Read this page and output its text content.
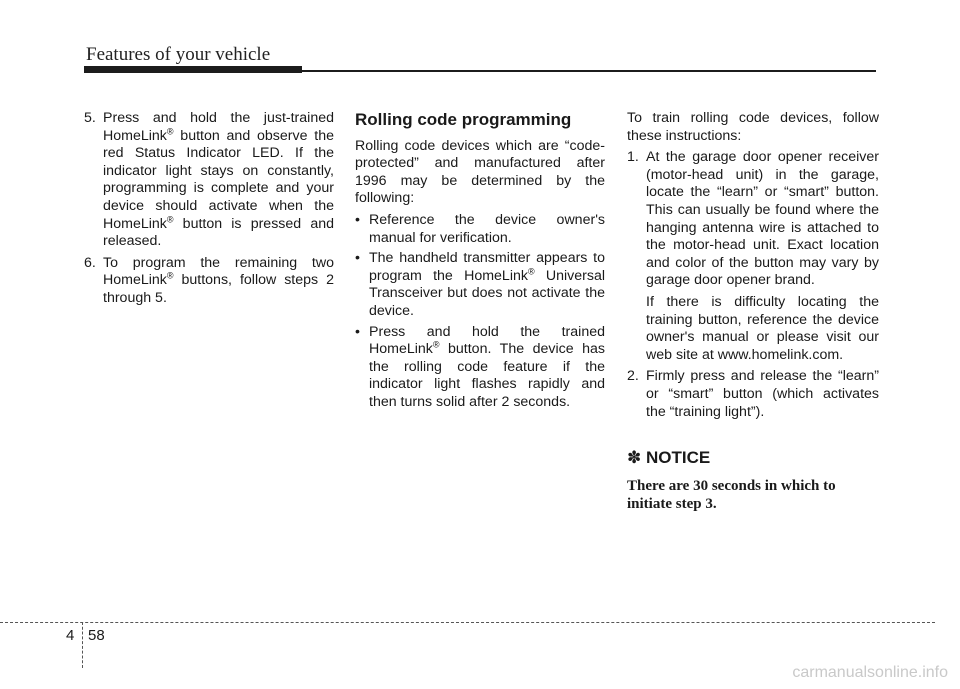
Features of your vehicle
5. Press and hold the just-trained HomeLink® button and observe the red Status Indicator LED. If the indicator light stays on constantly, programming is complete and your device should activate when the HomeLink® button is pressed and released.
6. To program the remaining two HomeLink® buttons, follow steps 2 through 5.
Rolling code programming

Rolling code devices which are “code-protected” and manufactured after 1996 may be determined by the following:

• Reference the device owner's manual for verification.
• The handheld transmitter appears to program the HomeLink® Universal Transceiver but does not activate the device.
• Press and hold the trained HomeLink® button. The device has the rolling code feature if the indicator light flashes rapidly and then turns solid after 2 seconds.

To train rolling code devices, follow these instructions:

1. At the garage door opener receiver (motor-head unit) in the garage, locate the “learn” or “smart” button. This can usually be found where the hanging antenna wire is attached to the motor-head unit. Exact location and color of the button may vary by garage door opener brand.

If there is difficulty locating the training button, reference the device owner's manual or please visit our web site at www.homelink.com.

2. Firmly press and release the “learn” or “smart” button (which activates the “training light”).
✽ NOTICE
There are 30 seconds in which to initiate step 3.
4 58
carmanualsonline.info
